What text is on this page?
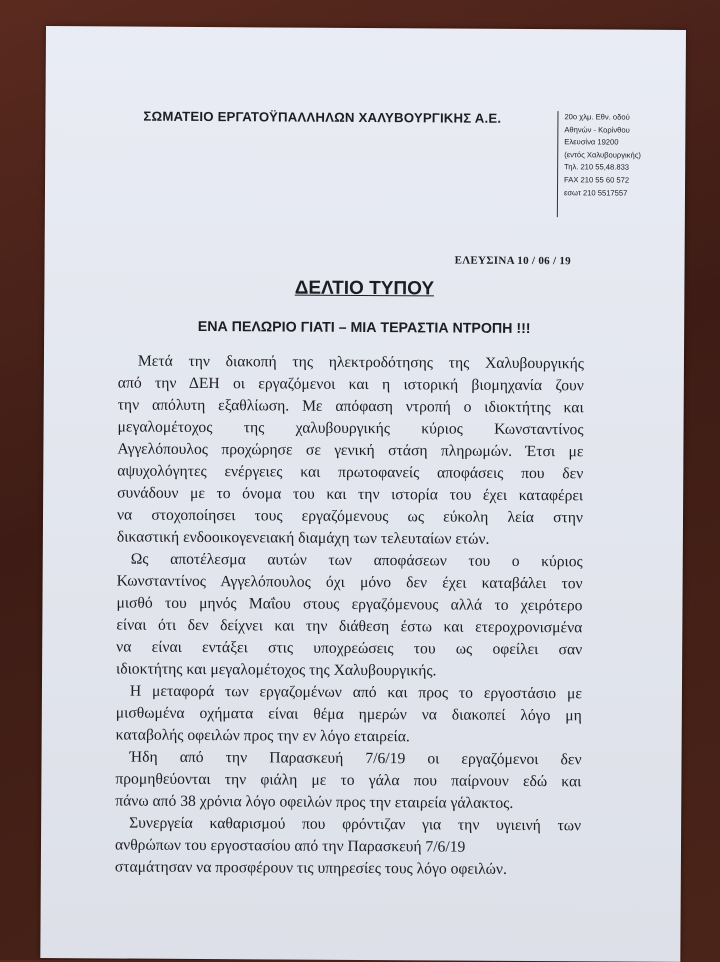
ΣΩΜΑΤΕΙΟ ΕΡΓΑΤΟΫΠΑΛΛΗΛΩΝ ΧΑΛΥΒΟΥΡΓΙΚΗΣ Α.Ε.	20ο χλμ. Εθν. οδού
Αθηνών - Κορίνθου
Ελευσίνα 19200
(εντός Χαλυβουργικής)
Τηλ. 210 55,48.833
FAX 210 55 60 572
εσωτ 210 5517557
ΕΛΕΥΣΙΝΑ 10 / 06 / 19
ΔΕΛΤΙΟ ΤΥΠΟΥ
ΕΝΑ ΠΕΛΩΡΙΟ ΓΙΑΤΙ – ΜΙΑ ΤΕΡΑΣΤΙΑ ΝΤΡΟΠΗ !!!
Μετά την διακοπή της ηλεκτροδότησης της Χαλυβουργικής
από την ΔΕΗ οι εργαζόμενοι και η ιστορική βιομηχανία ζουν
την απόλυτη εξαθλίωση. Με απόφαση ντροπή ο ιδιοκτήτης και
μεγαλομέτοχος της χαλυβουργικής κύριος Κωνσταντίνος
Αγγελόπουλος προχώρησε σε γενική στάση πληρωμών. Έτσι με
αψυχολόγητες ενέργειες και πρωτοφανείς αποφάσεις που δεν
συνάδουν με το όνομα του και την ιστορία του έχει καταφέρει
να στοχοποίησει τους εργαζόμενους ως εύκολη λεία στην
δικαστική ενδοοικογενειακή διαμάχη των τελευταίων ετών.
Ως αποτέλεσμα αυτών των αποφάσεων του ο κύριος
Κωνσταντίνος Αγγελόπουλος όχι μόνο δεν έχει καταβάλει τον
μισθό του μηνός Μαΐου στους εργαζόμενους αλλά το χειρότερο
είναι ότι δεν δείχνει και την διάθεση έστω και ετεροχρονισμένα
να είναι εντάξει στις υποχρεώσεις του ως οφείλει σαν
ιδιοκτήτης και μεγαλομέτοχος της Χαλυβουργικής.
Η μεταφορά των εργαζομένων από και προς το εργοστάσιο με
μισθωμένα οχήματα είναι θέμα ημερών να διακοπεί λόγο μη
καταβολής οφειλών προς την εν λόγο εταιρεία.
Ήδη από την Παρασκευή 7/6/19 οι εργαζόμενοι δεν
προμηθεύονται την φιάλη με το γάλα που παίρνουν εδώ και
πάνω από 38 χρόνια λόγο οφειλών προς την εταιρεία γάλακτος.
Συνεργεία καθαρισμού που φρόντιζαν για την υγιεινή των
ανθρώπων του εργοστασίου από την Παρασκευή 7/6/19
σταμάτησαν να προσφέρουν τις υπηρεσίες τους λόγο οφειλών.
